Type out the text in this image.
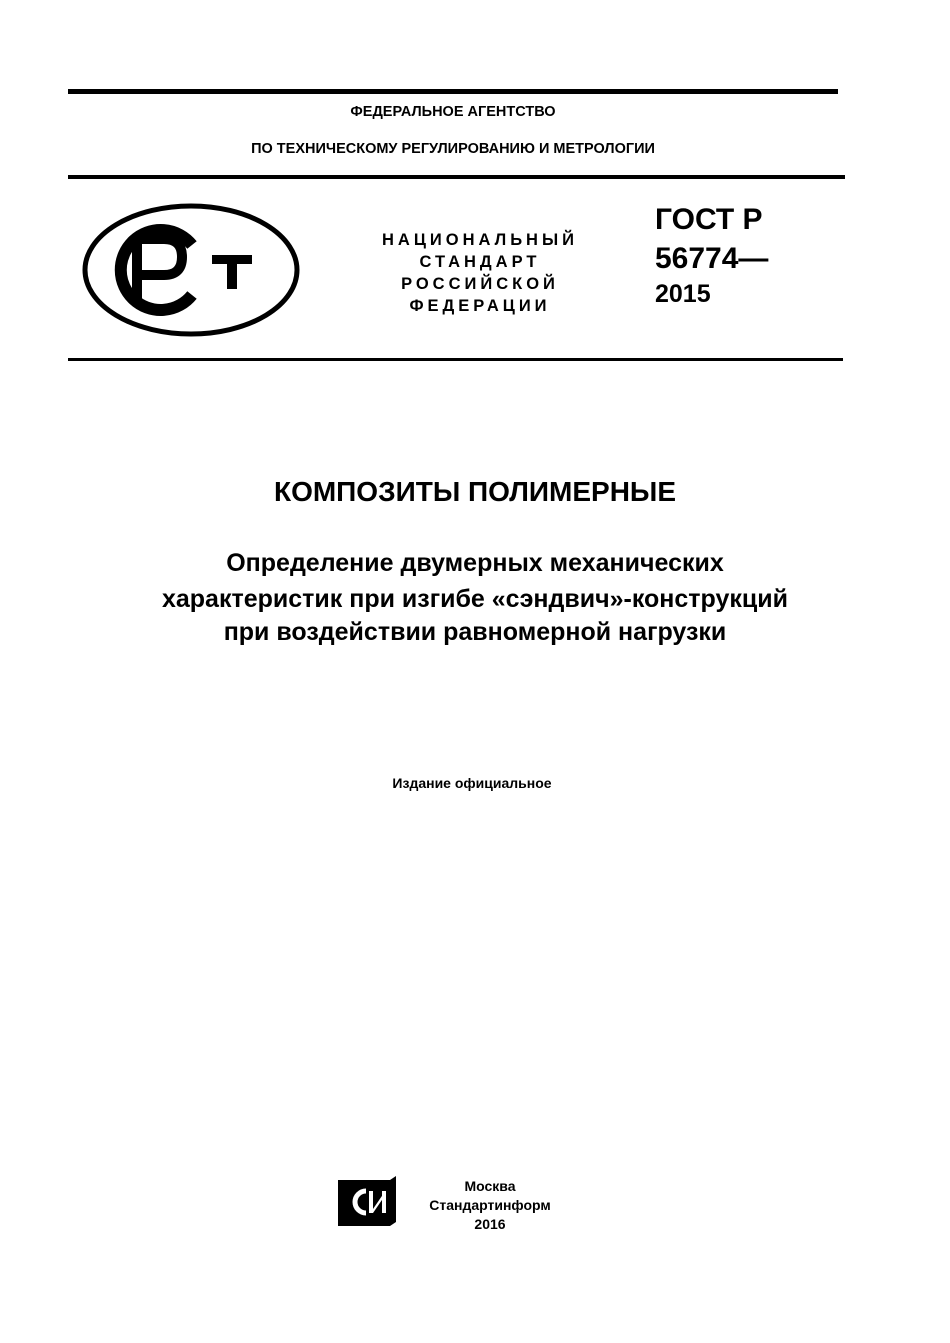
ФЕДЕРАЛЬНОЕ АГЕНТСТВО
ПО ТЕХНИЧЕСКОМУ РЕГУЛИРОВАНИЮ И МЕТРОЛОГИИ
НАЦИОНАЛЬНЫЙ
СТАНДАРТ
РОССИЙСКОЙ
ФЕДЕРАЦИИ
ГОСТ Р
56774—
2015
КОМПОЗИТЫ ПОЛИМЕРНЫЕ
Определение двумерных механических
характеристик при изгибе «сэндвич»-конструкций
при воздействии равномерной нагрузки
Издание официальное
Москва
Стандартинформ
2016
